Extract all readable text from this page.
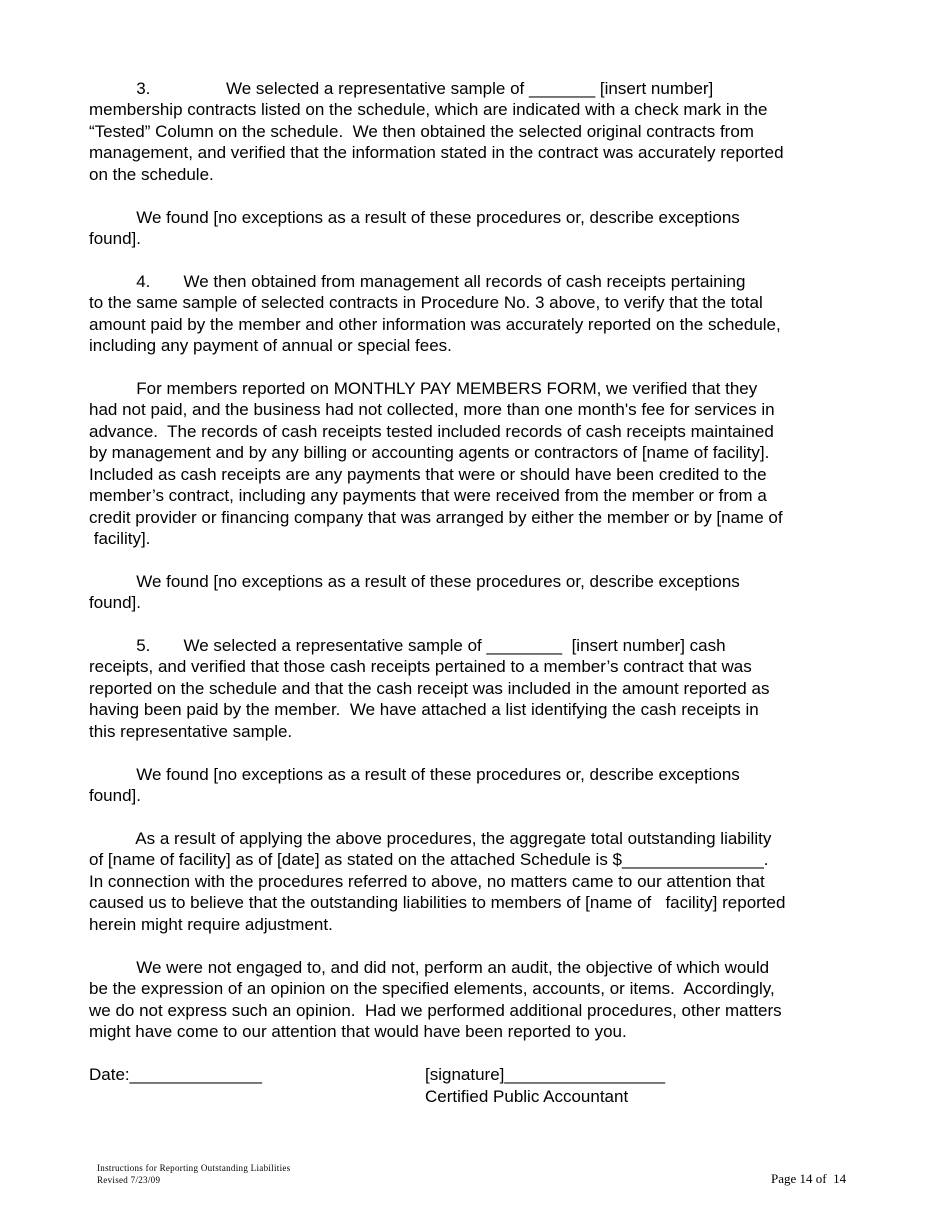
3.                We selected a representative sample of _______ [insert number]

membership contracts listed on the schedule, which are indicated with a check mark in the

“Tested” Column on the schedule.  We then obtained the selected original contracts from

management, and verified that the information stated in the contract was accurately reported

on the schedule.

We found [no exceptions as a result of these procedures or, describe exceptions

found].

4.       We then obtained from management all records of cash receipts pertaining

to the same sample of selected contracts in Procedure No. 3 above, to verify that the total

amount paid by the member and other information was accurately reported on the schedule,

including any payment of annual or special fees.

For members reported on MONTHLY PAY MEMBERS FORM, we verified that they

had not paid, and the business had not collected, more than one month's fee for services in

advance.  The records of cash receipts tested included records of cash receipts maintained

by management and by any billing or accounting agents or contractors of [name of facility].

Included as cash receipts are any payments that were or should have been credited to the

member’s contract, including any payments that were received from the member or from a

credit provider or financing company that was arranged by either the member or by [name of

facility].

We found [no exceptions as a result of these procedures or, describe exceptions

found].

5.       We selected a representative sample of ________  [insert number] cash

receipts, and verified that those cash receipts pertained to a member’s contract that was

reported on the schedule and that the cash receipt was included in the amount reported as

having been paid by the member.  We have attached a list identifying the cash receipts in

this representative sample.

We found [no exceptions as a result of these procedures or, describe exceptions

found].

As a result of applying the above procedures, the aggregate total outstanding liability

of [name of facility] as of [date] as stated on the attached Schedule is $_______________.

In connection with the procedures referred to above, no matters came to our attention that

caused us to believe that the outstanding liabilities to members of [name of   facility] reported

herein might require adjustment.

We were not engaged to, and did not, perform an audit, the objective of which would

be the expression of an opinion on the specified elements, accounts, or items.  Accordingly,

we do not express such an opinion.  Had we performed additional procedures, other matters

might have come to our attention that would have been reported to you.

Date:______________	[signature]_________________

Certified Public Accountant

Instructions for Reporting Outstanding Liabilities
Revised 7/23/09	Page 14 of  14
